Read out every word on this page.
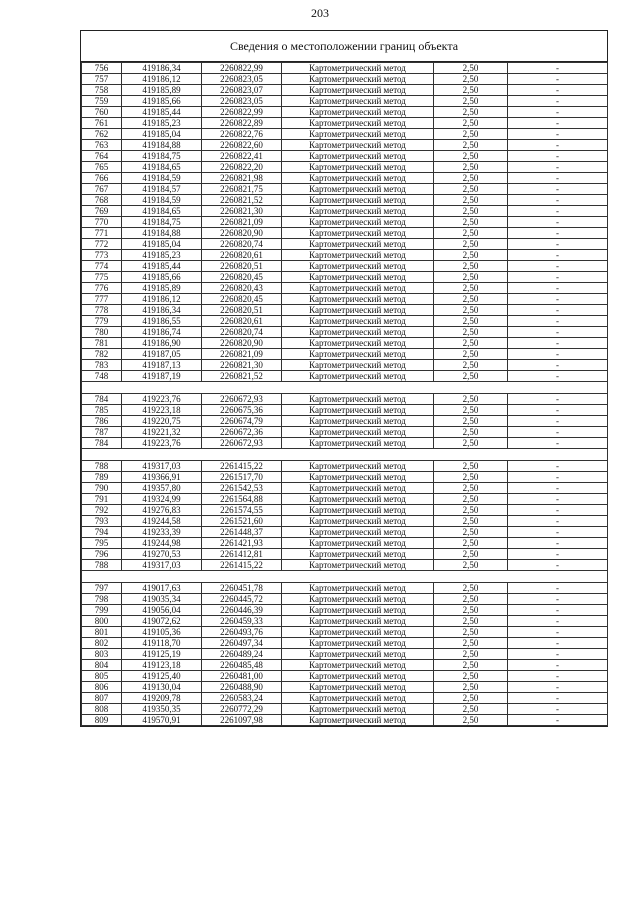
203
Сведения о местоположении границ объекта
756	419186,34	2260822,99	Картометрический метод	2,50	-
757	419186,12	2260823,05	Картометрический метод	2,50	-
758	419185,89	2260823,07	Картометрический метод	2,50	-
759	419185,66	2260823,05	Картометрический метод	2,50	-
760	419185,44	2260822,99	Картометрический метод	2,50	-
761	419185,23	2260822,89	Картометрический метод	2,50	-
762	419185,04	2260822,76	Картометрический метод	2,50	-
763	419184,88	2260822,60	Картометрический метод	2,50	-
764	419184,75	2260822,41	Картометрический метод	2,50	-
765	419184,65	2260822,20	Картометрический метод	2,50	-
766	419184,59	2260821,98	Картометрический метод	2,50	-
767	419184,57	2260821,75	Картометрический метод	2,50	-
768	419184,59	2260821,52	Картометрический метод	2,50	-
769	419184,65	2260821,30	Картометрический метод	2,50	-
770	419184,75	2260821,09	Картометрический метод	2,50	-
771	419184,88	2260820,90	Картометрический метод	2,50	-
772	419185,04	2260820,74	Картометрический метод	2,50	-
773	419185,23	2260820,61	Картометрический метод	2,50	-
774	419185,44	2260820,51	Картометрический метод	2,50	-
775	419185,66	2260820,45	Картометрический метод	2,50	-
776	419185,89	2260820,43	Картометрический метод	2,50	-
777	419186,12	2260820,45	Картометрический метод	2,50	-
778	419186,34	2260820,51	Картометрический метод	2,50	-
779	419186,55	2260820,61	Картометрический метод	2,50	-
780	419186,74	2260820,74	Картометрический метод	2,50	-
781	419186,90	2260820,90	Картометрический метод	2,50	-
782	419187,05	2260821,09	Картометрический метод	2,50	-
783	419187,13	2260821,30	Картометрический метод	2,50	-
748	419187,19	2260821,52	Картометрический метод	2,50	-

784	419223,76	2260672,93	Картометрический метод	2,50	-
785	419223,18	2260675,36	Картометрический метод	2,50	-
786	419220,75	2260674,79	Картометрический метод	2,50	-
787	419221,32	2260672,36	Картометрический метод	2,50	-
784	419223,76	2260672,93	Картометрический метод	2,50	-

788	419317,03	2261415,22	Картометрический метод	2,50	-
789	419366,91	2261517,70	Картометрический метод	2,50	-
790	419357,80	2261542,53	Картометрический метод	2,50	-
791	419324,99	2261564,88	Картометрический метод	2,50	-
792	419276,83	2261574,55	Картометрический метод	2,50	-
793	419244,58	2261521,60	Картометрический метод	2,50	-
794	419233,39	2261448,37	Картометрический метод	2,50	-
795	419244,98	2261421,93	Картометрический метод	2,50	-
796	419270,53	2261412,81	Картометрический метод	2,50	-
788	419317,03	2261415,22	Картометрический метод	2,50	-

797	419017,63	2260451,78	Картометрический метод	2,50	-
798	419035,34	2260445,72	Картометрический метод	2,50	-
799	419056,04	2260446,39	Картометрический метод	2,50	-
800	419072,62	2260459,33	Картометрический метод	2,50	-
801	419105,36	2260493,76	Картометрический метод	2,50	-
802	419118,70	2260497,34	Картометрический метод	2,50	-
803	419125,19	2260489,24	Картометрический метод	2,50	-
804	419123,18	2260485,48	Картометрический метод	2,50	-
805	419125,40	2260481,00	Картометрический метод	2,50	-
806	419130,04	2260488,90	Картометрический метод	2,50	-
807	419209,78	2260583,24	Картометрический метод	2,50	-
808	419350,35	2260772,29	Картометрический метод	2,50	-
809	419570,91	2261097,98	Картометрический метод	2,50	-
